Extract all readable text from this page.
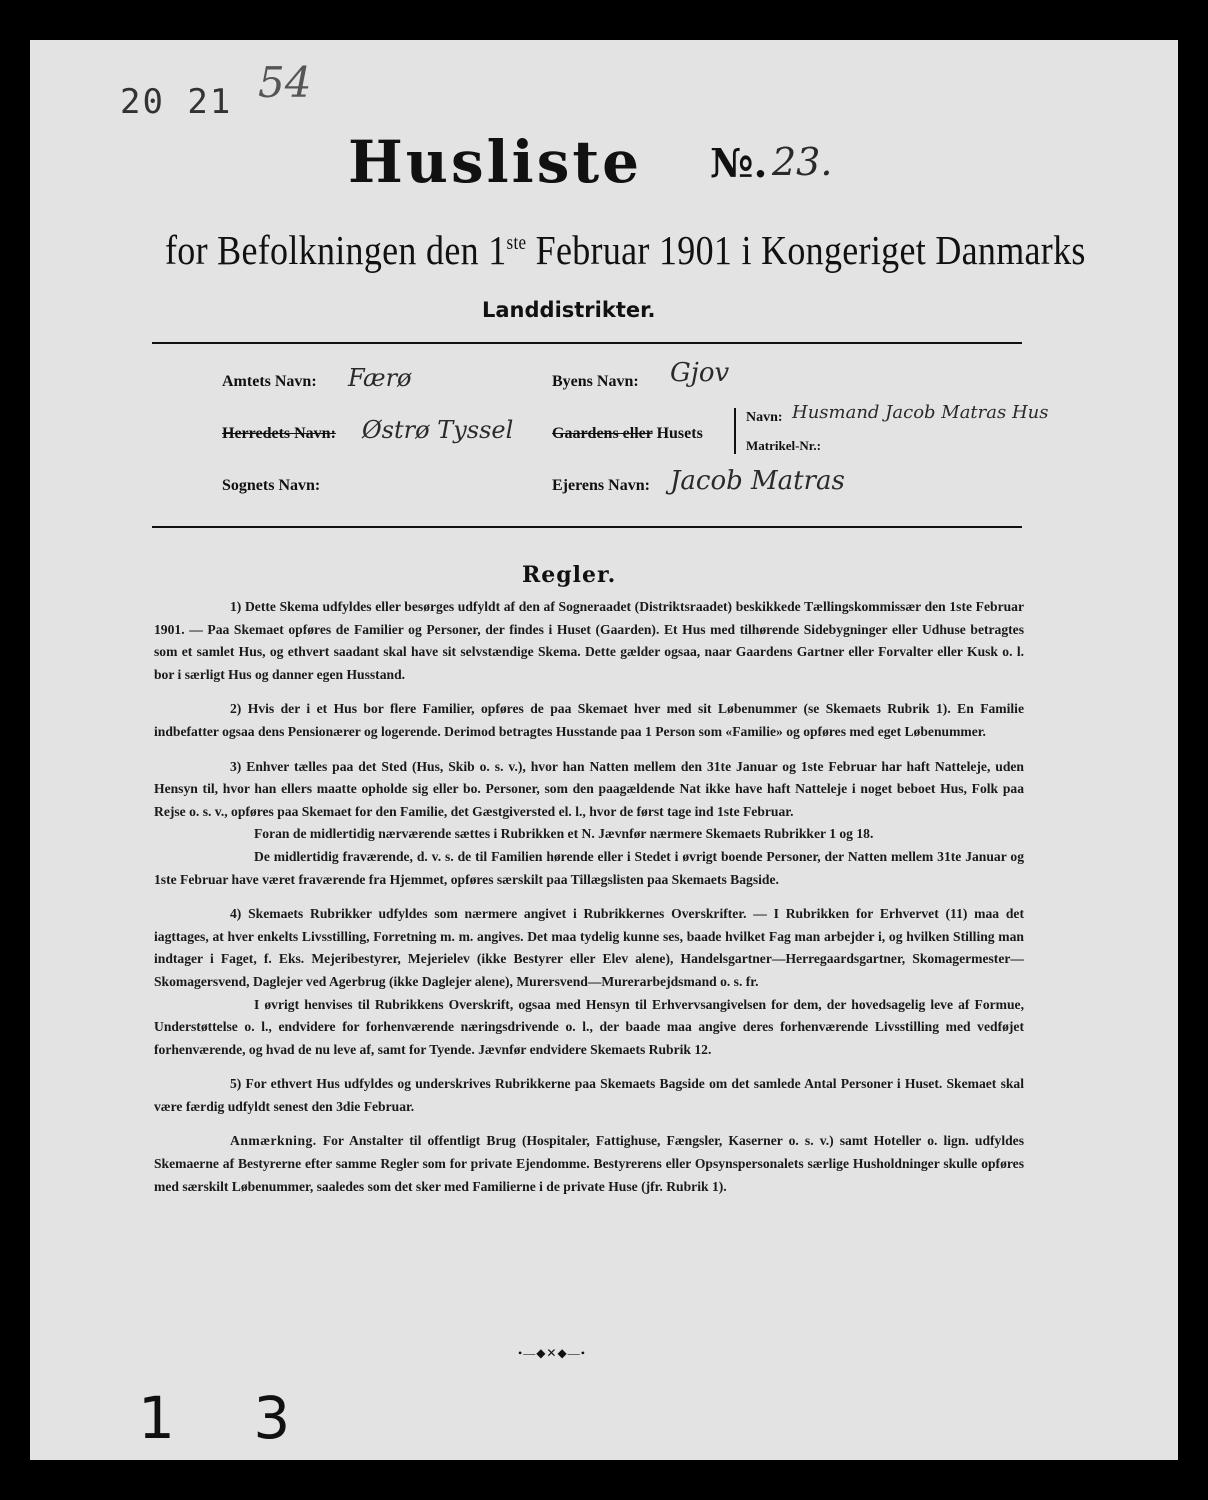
20 21 54
Husliste №. 23.
for Befolkningen den 1ste Februar 1901 i Kongeriget Danmarks
Landdistrikter.
Amtets Navn: Færø
Herredets Navn: Østrø Tyssel
Sognets Navn:
Byens Navn: Gjov
Gaardens eller Husets
Navn: Husmand Jacob Matras Hus
Matrikel-Nr.:
Ejerens Navn: Jacob Matras
Regler.

1) Dette Skema udfyldes eller besørges udfyldt af den af Sogneraadet (Distriktsraadet) beskikkede Tællingskommissær den 1ste Februar 1901. — Paa Skemaet opføres de Familier og Personer, der findes i Huset (Gaarden). Et Hus med tilhørende Sidebygninger eller Udhuse betragtes som et samlet Hus, og ethvert saadant skal have sit selvstændige Skema. Dette gælder ogsaa, naar Gaardens Gartner eller Forvalter eller Kusk o. l. bor i særligt Hus og danner egen Husstand.

2) Hvis der i et Hus bor flere Familier, opføres de paa Skemaet hver med sit Løbenummer (se Skemaets Rubrik 1). En Familie indbefatter ogsaa dens Pensionærer og logerende. Derimod betragtes Husstande paa 1 Person som «Familie» og opføres med eget Løbenummer.

3) Enhver tælles paa det Sted (Hus, Skib o. s. v.), hvor han Natten mellem den 31te Januar og 1ste Februar har haft Natteleje, uden Hensyn til, hvor han ellers maatte opholde sig eller bo. Personer, som den paagældende Nat ikke have haft Natteleje i noget beboet Hus, Folk paa Rejse o. s. v., opføres paa Skemaet for den Familie, det Gæstgiversted el. l., hvor de først tage ind 1ste Februar.

Foran de midlertidig nærværende sættes i Rubrikken et N. Jævnfør nærmere Skemaets Rubrikker 1 og 18.

De midlertidig fraværende, d. v. s. de til Familien hørende eller i Stedet i øvrigt boende Personer, der Natten mellem 31te Januar og 1ste Februar have været fraværende fra Hjemmet, opføres særskilt paa Tillægslisten paa Skemaets Bagside.

4) Skemaets Rubrikker udfyldes som nærmere angivet i Rubrikkernes Overskrifter. — I Rubrikken for Erhvervet (11) maa det iagttages, at hver enkelts Livsstilling, Forretning m. m. angives. Det maa tydelig kunne ses, baade hvilket Fag man arbejder i, og hvilken Stilling man indtager i Faget, f. Eks. Mejeribestyrer, Mejerielev (ikke Bestyrer eller Elev alene), Handelsgartner—Herregaardsgartner, Skomagermester—Skomagersvend, Daglejer ved Agerbrug (ikke Daglejer alene), Murersvend—Murerarbejdsmand o. s. fr.

I øvrigt henvises til Rubrikkens Overskrift, ogsaa med Hensyn til Erhvervsangivelsen for dem, der hovedsagelig leve af Formue, Understøttelse o. l., endvidere for forhenværende næringsdrivende o. l., der baade maa angive deres forhenværende Livsstilling med vedføjet forhenværende, og hvad de nu leve af, samt for Tyende. Jævnfør endvidere Skemaets Rubrik 12.

5) For ethvert Hus udfyldes og underskrives Rubrikkerne paa Skemaets Bagside om det samlede Antal Personer i Huset. Skemaet skal være færdig udfyldt senest den 3die Februar.

Anmærkning. For Anstalter til offentligt Brug (Hospitaler, Fattighuse, Fængsler, Kaserner o. s. v.) samt Hoteller o. lign. udfyldes Skemaerne af Bestyrerne efter samme Regler som for private Ejendomme. Bestyrerens eller Opsynspersonalets særlige Husholdninger skulle opføres med særskilt Løbenummer, saaledes som det sker med Familierne i de private Huse (jfr. Rubrik 1).

•—◆✕◆—•
1 3
